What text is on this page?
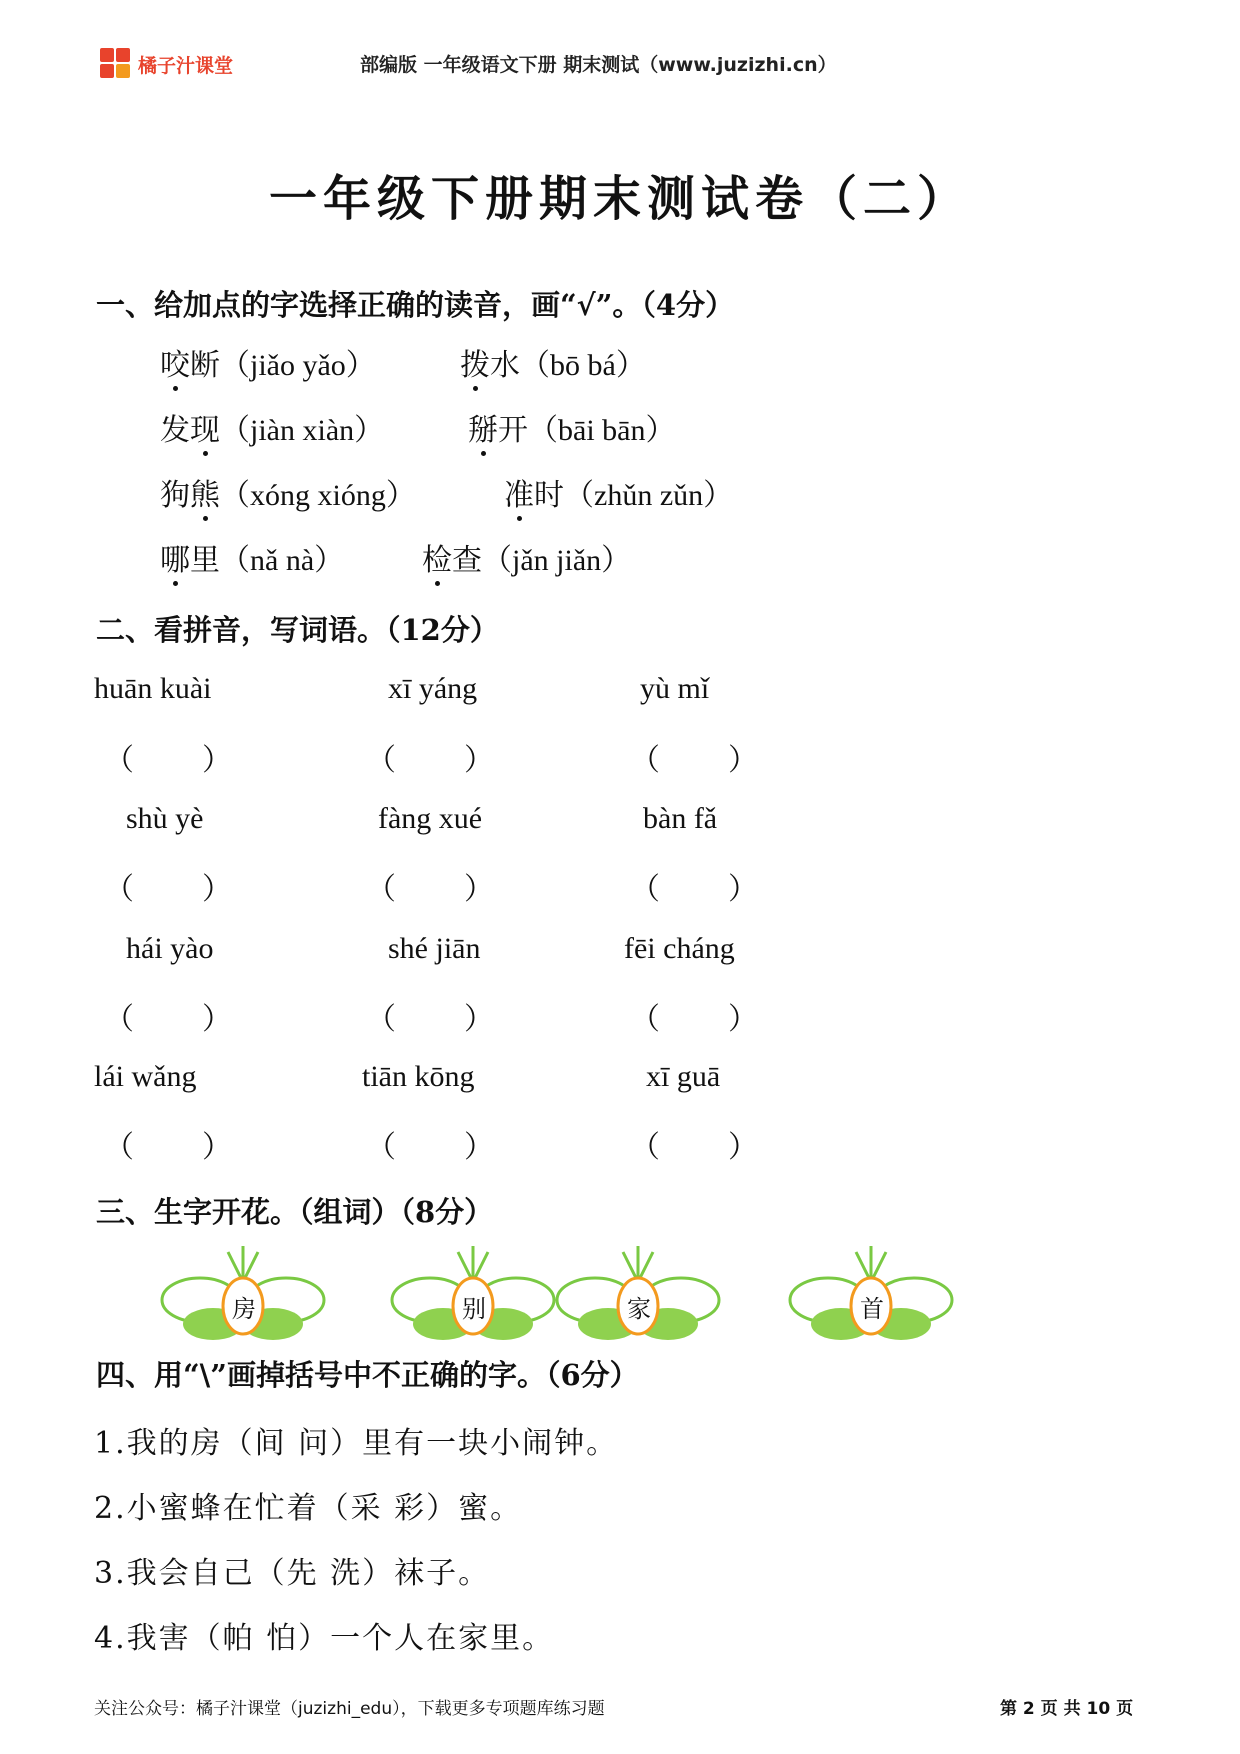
橘子汁课堂	部编版 一年级语文下册 期末测试（www.juzizhi.cn）
一年级下册期末测试卷（二）
一、给加点的字选择正确的读音，画“√”。（4分）
咬断（jiǎo yǎo）	拨水（bō bá）
发现（jiàn xiàn）	掰开（bāi bān）
狗熊（xóng xióng）	准时（zhǔn zǔn）
哪里（nǎ nà）	检查（jǎn jiǎn）
二、看拼音，写词语。（12分）
huān kuài	xī yáng	yù mǐ
（ ）	（ ）	（ ）
shù yè	fàng xué	bàn fǎ
（ ）	（ ）	（ ）
hái yào	shé jiān	fēi cháng
（ ）	（ ）	（ ）
lái wǎng	tiān kōng	xī guā
（ ）	（ ）	（ ）
三、生字开花。（组词）（8分）
房	别	家	首
四、用“\”画掉括号中不正确的字。（6分）
1.我的房（间 问）里有一块小闹钟。
2.小蜜蜂在忙着（采 彩）蜜。
3.我会自己（先 洗）袜子。
4.我害（帕 怕）一个人在家里。
关注公众号：橘子汁课堂（juzizhi_edu），下载更多专项题库练习题	第 2 页 共 10 页
